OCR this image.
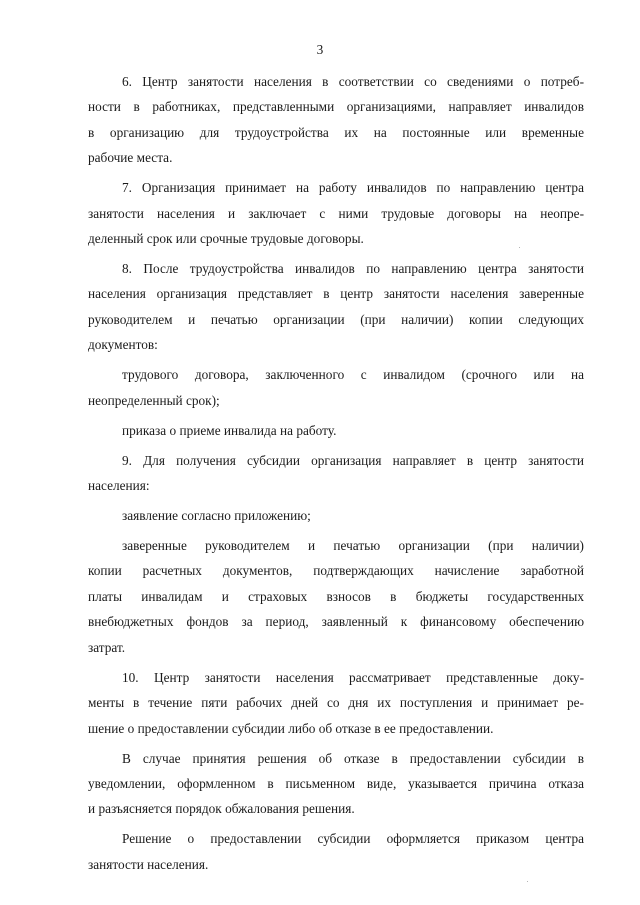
3
6. Центр занятости населения в соответствии со сведениями о потреб-
ности в работниках, представленными организациями, направляет инвалидов
в организацию для трудоустройства их на постоянные или временные
рабочие места.
7. Организация принимает на работу инвалидов по направлению центра
занятости населения и заключает с ними трудовые договоры на неопре-
деленный срок или срочные трудовые договоры.
8. После трудоустройства инвалидов по направлению центра занятости
населения организация представляет в центр занятости населения заверенные
руководителем и печатью организации (при наличии) копии следующих
документов:
трудового договора, заключенного с инвалидом (срочного или на
неопределенный срок);
приказа о приеме инвалида на работу.
9. Для получения субсидии организация направляет в центр занятости
населения:
заявление согласно приложению;
заверенные руководителем и печатью организации (при наличии)
копии расчетных документов, подтверждающих начисление заработной
платы инвалидам и страховых взносов в бюджеты государственных
внебюджетных фондов за период, заявленный к финансовому обеспечению
затрат.
10. Центр занятости населения рассматривает представленные доку-
менты в течение пяти рабочих дней со дня их поступления и принимает ре-
шение о предоставлении субсидии либо об отказе в ее предоставлении.
В случае принятия решения об отказе в предоставлении субсидии в
уведомлении, оформленном в письменном виде, указывается причина отказа
и разъясняется порядок обжалования решения.
Решение о предоставлении субсидии оформляется приказом центра
занятости населения.
